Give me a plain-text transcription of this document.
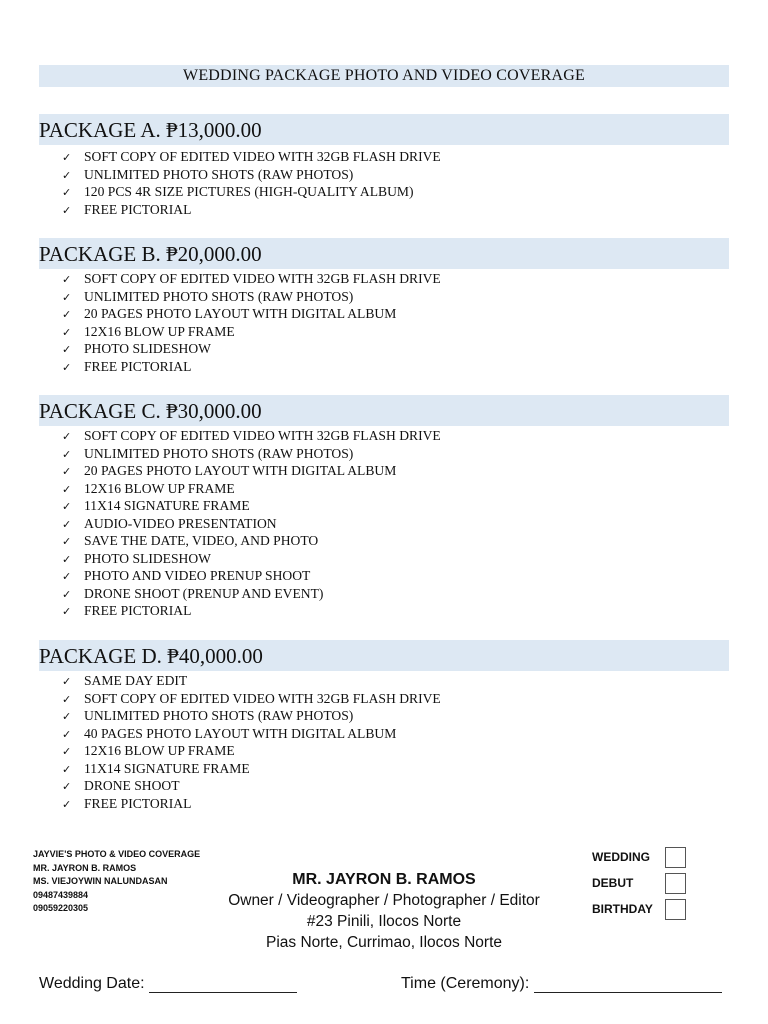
WEDDING PACKAGE PHOTO AND VIDEO COVERAGE
PACKAGE A. ₱13,000.00
✓ SOFT COPY OF EDITED VIDEO WITH 32GB FLASH DRIVE
✓ UNLIMITED PHOTO SHOTS (RAW PHOTOS)
✓ 120 PCS 4R SIZE PICTURES (HIGH-QUALITY ALBUM)
✓ FREE PICTORIAL
PACKAGE B. ₱20,000.00
✓ SOFT COPY OF EDITED VIDEO WITH 32GB FLASH DRIVE
✓ UNLIMITED PHOTO SHOTS (RAW PHOTOS)
✓ 20 PAGES PHOTO LAYOUT WITH DIGITAL ALBUM
✓ 12X16 BLOW UP FRAME
✓ PHOTO SLIDESHOW
✓ FREE PICTORIAL
PACKAGE C. ₱30,000.00
✓ SOFT COPY OF EDITED VIDEO WITH 32GB FLASH DRIVE
✓ UNLIMITED PHOTO SHOTS (RAW PHOTOS)
✓ 20 PAGES PHOTO LAYOUT WITH DIGITAL ALBUM
✓ 12X16 BLOW UP FRAME
✓ 11X14 SIGNATURE FRAME
✓ AUDIO-VIDEO PRESENTATION
✓ SAVE THE DATE, VIDEO, AND PHOTO
✓ PHOTO SLIDESHOW
✓ PHOTO AND VIDEO PRENUP SHOOT
✓ DRONE SHOOT (PRENUP AND EVENT)
✓ FREE PICTORIAL
PACKAGE D. ₱40,000.00
✓ SAME DAY EDIT
✓ SOFT COPY OF EDITED VIDEO WITH 32GB FLASH DRIVE
✓ UNLIMITED PHOTO SHOTS (RAW PHOTOS)
✓ 40 PAGES PHOTO LAYOUT WITH DIGITAL ALBUM
✓ 12X16 BLOW UP FRAME
✓ 11X14 SIGNATURE FRAME
✓ DRONE SHOOT
✓ FREE PICTORIAL
JAYVIE'S PHOTO & VIDEO COVERAGE
MR. JAYRON B. RAMOS
MS. VIEJOYWIN NALUNDASAN
09487439884
09059220305
MR. JAYRON B. RAMOS
Owner / Videographer / Photographer / Editor
#23 Pinili, Ilocos Norte
Pias Norte, Currimao, Ilocos Norte
WEDDING
DEBUT
BIRTHDAY
Wedding Date:	Time (Ceremony):
